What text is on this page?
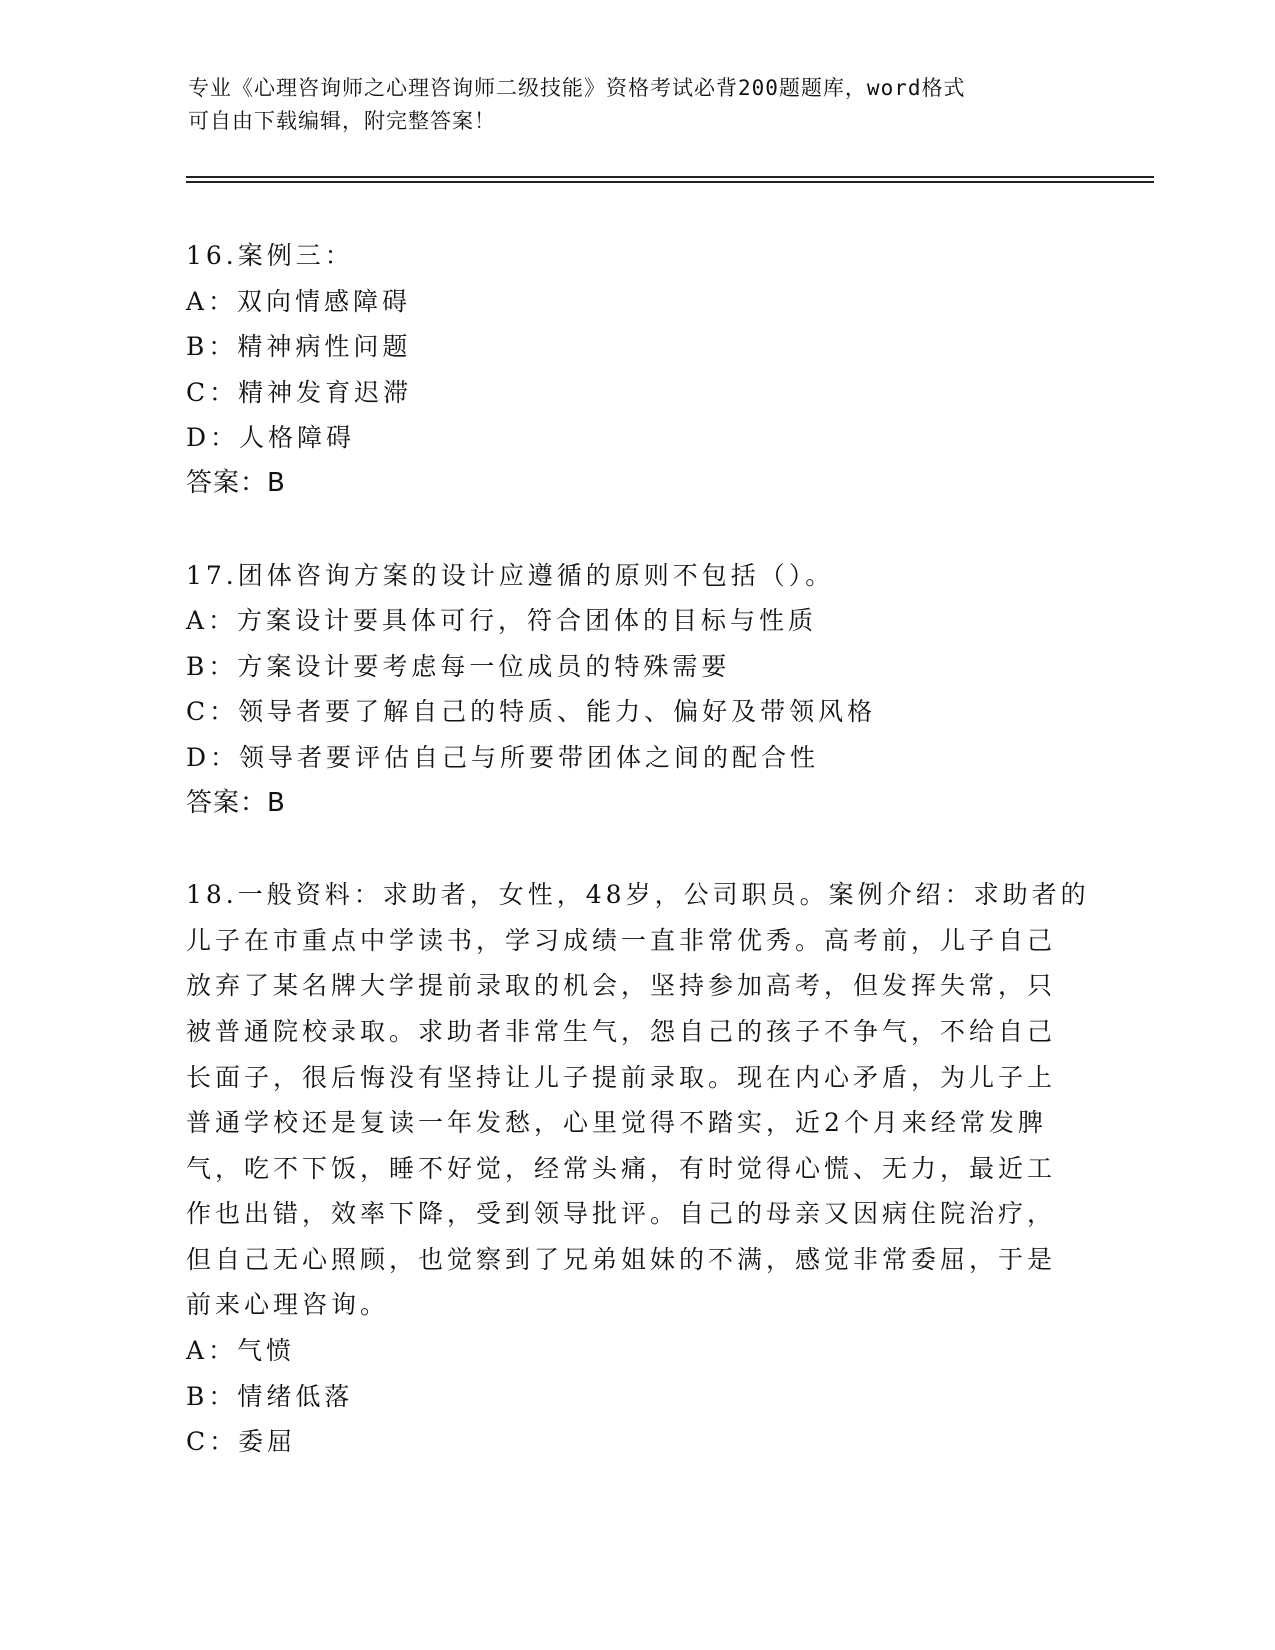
专业《心理咨询师之心理咨询师二级技能》资格考试必背200题题库，word格式
可自由下载编辑，附完整答案！
16.案例三：
A：双向情感障碍
B：精神病性问题
C：精神发育迟滞
D：人格障碍
答案：B
17.团体咨询方案的设计应遵循的原则不包括（）。
A：方案设计要具体可行，符合团体的目标与性质
B：方案设计要考虑每一位成员的特殊需要
C：领导者要了解自己的特质、能力、偏好及带领风格
D：领导者要评估自己与所要带团体之间的配合性
答案：B
18.一般资料：求助者，女性，48岁，公司职员。案例介绍：求助者的
儿子在市重点中学读书，学习成绩一直非常优秀。高考前，儿子自己
放弃了某名牌大学提前录取的机会，坚持参加高考，但发挥失常，只
被普通院校录取。求助者非常生气，怨自己的孩子不争气，不给自己
长面子，很后悔没有坚持让儿子提前录取。现在内心矛盾，为儿子上
普通学校还是复读一年发愁，心里觉得不踏实，近2个月来经常发脾
气，吃不下饭，睡不好觉，经常头痛，有时觉得心慌、无力，最近工
作也出错，效率下降，受到领导批评。自己的母亲又因病住院治疗，
但自己无心照顾，也觉察到了兄弟姐妹的不满，感觉非常委屈，于是
前来心理咨询。
A：气愤
B：情绪低落
C：委屈
